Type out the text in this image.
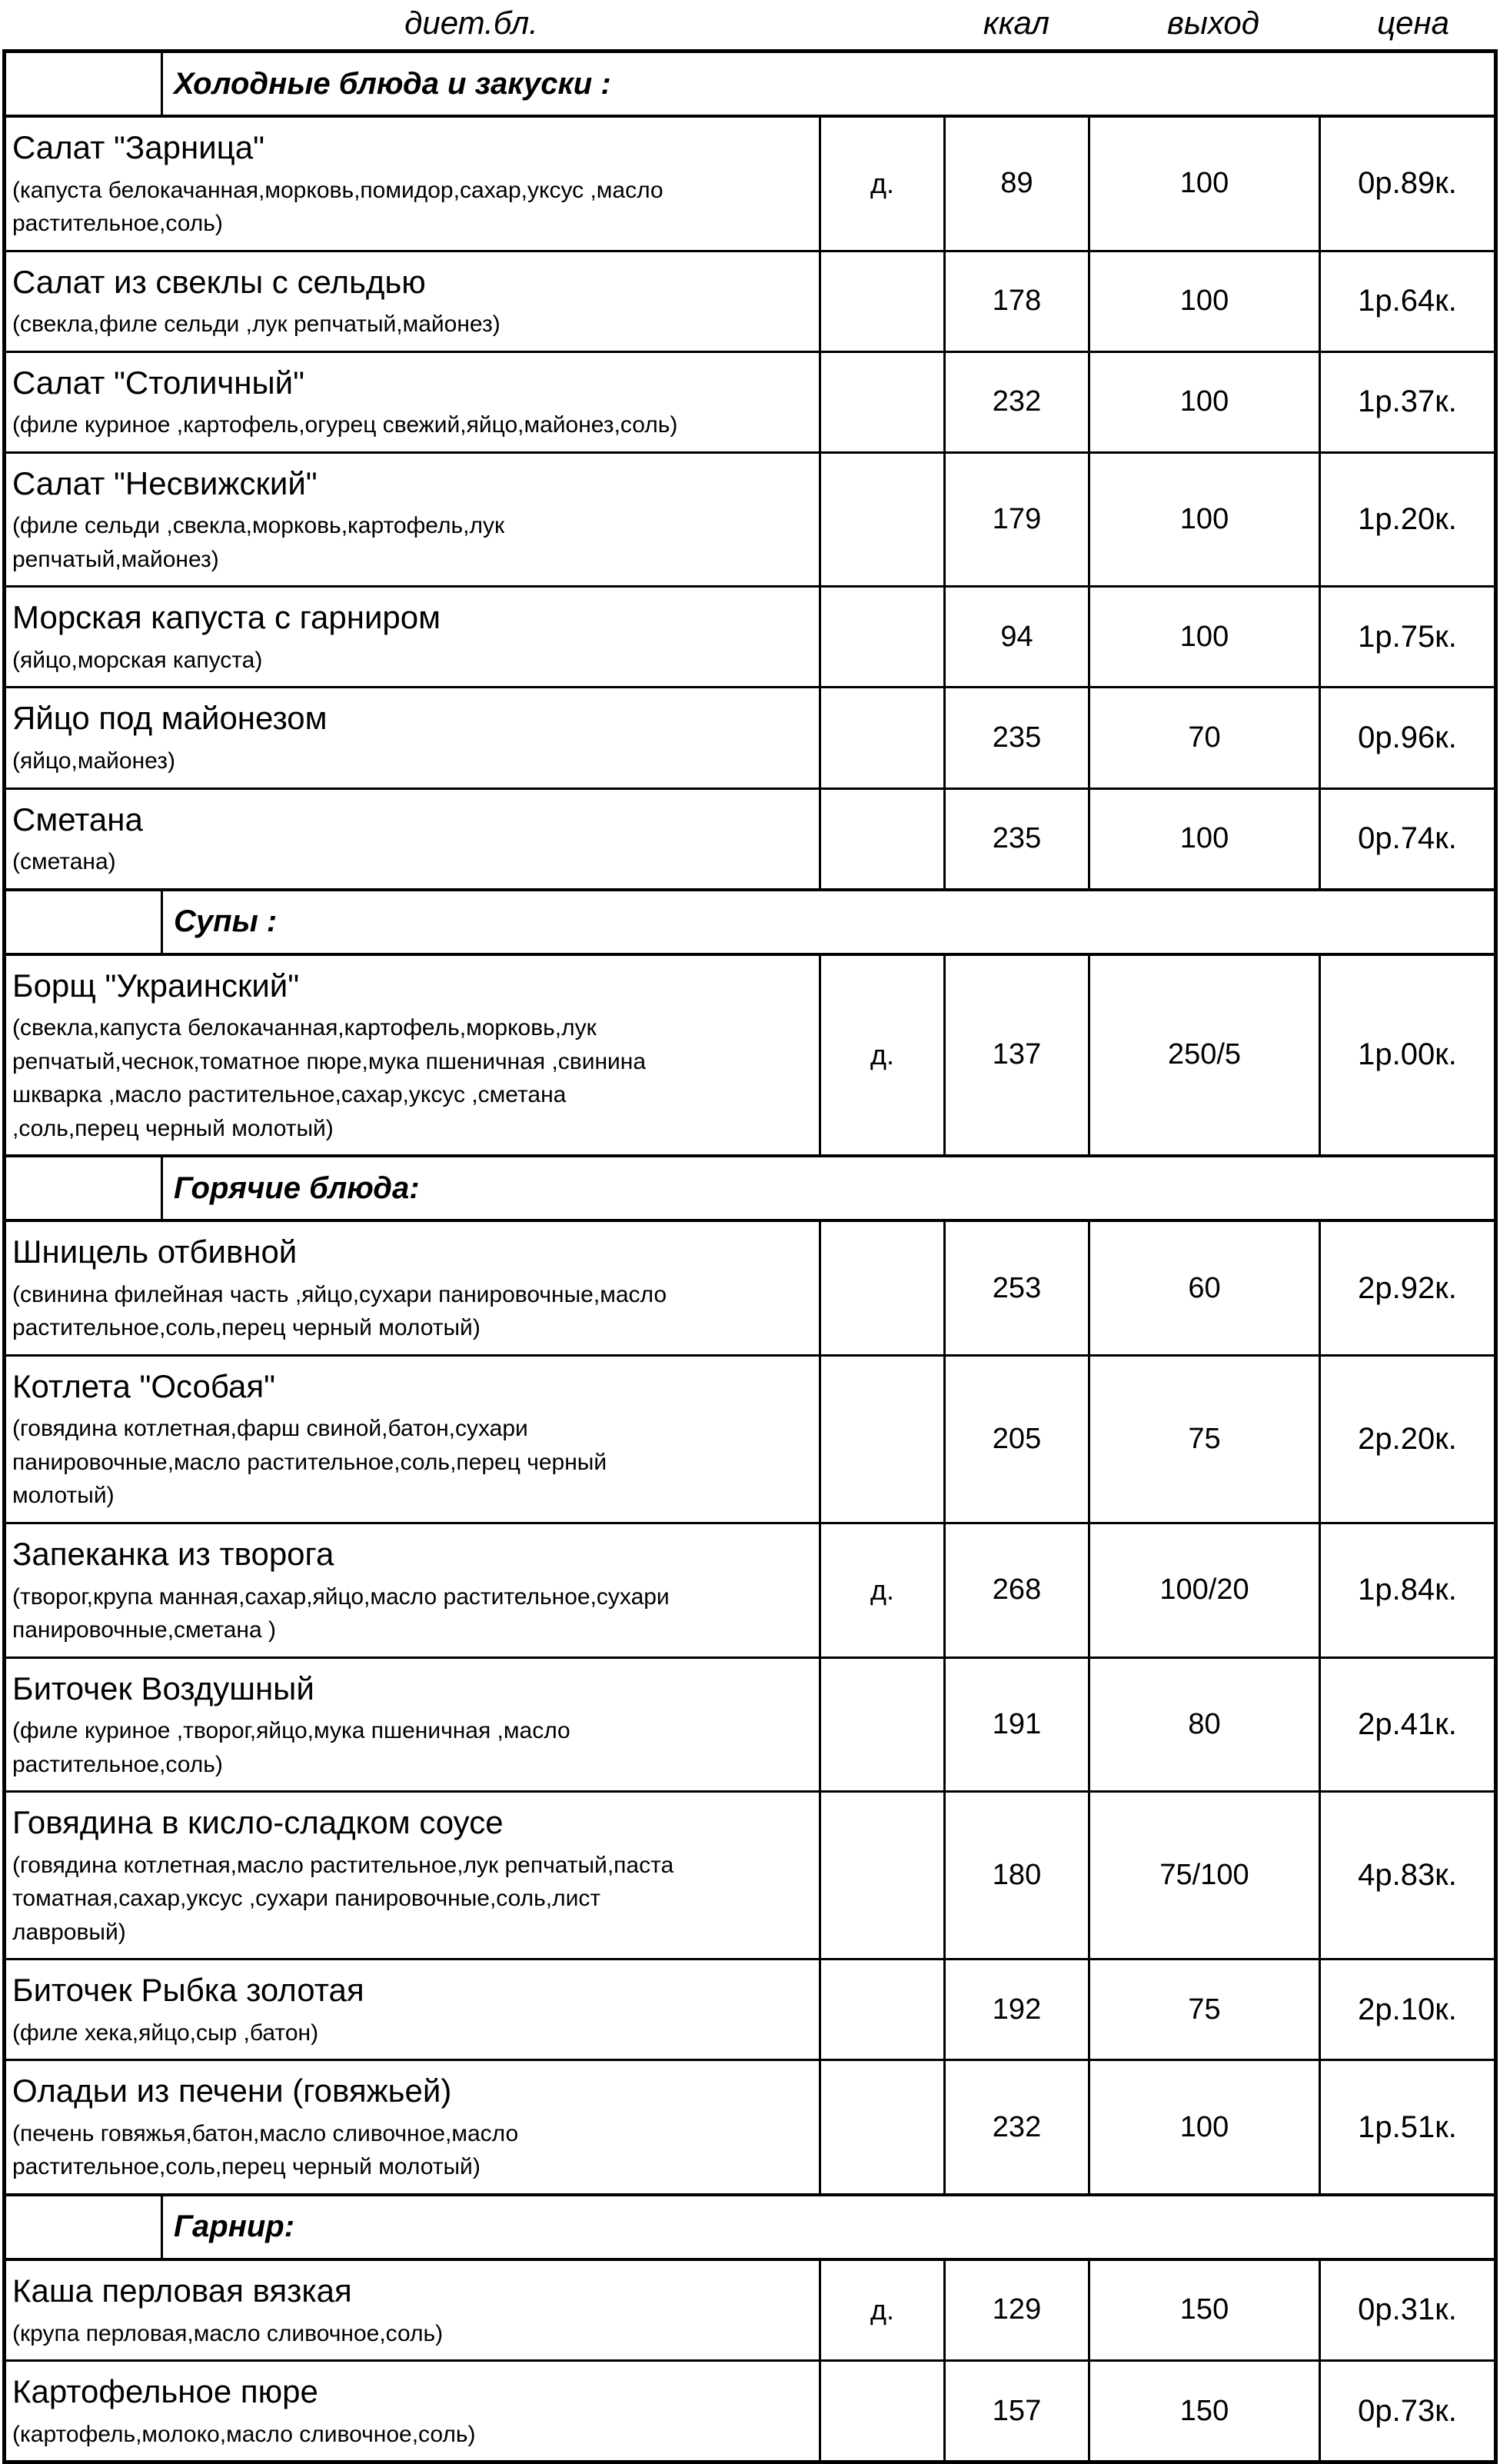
диет.бл.	ккал	выход	цена
	Холодные блюда и закуски :				

Салат "Зарница"
(капуста белокачанная,морковь,помидор,сахар,уксус ,масло растительное,соль)		д.	89	100	0р.89к.

Салат из свеклы с сельдью
(свекла,филе сельди ,лук репчатый,майонез)			178	100	1р.64к.

Салат "Столичный"
(филе куриное ,картофель,огурец свежий,яйцо,майонез,соль)			232	100	1р.37к.

Салат "Несвижский"
(филе сельди ,свекла,морковь,картофель,лук репчатый,майонез)			179	100	1р.20к.

Морская капуста с гарниром
(яйцо,морская капуста)			94	100	1р.75к.

Яйцо под майонезом
(яйцо,майонез)			235	70	0р.96к.

Сметана
(сметана)			235	100	0р.74к.
	Супы :				

Борщ "Украинский"
(свекла,капуста белокачанная,картофель,морковь,лук репчатый,чеснок,томатное пюре,мука пшеничная ,свинина шкварка ,масло растительное,сахар,уксус ,сметана ,соль,перец черный молотый)		д.	137	250/5	1р.00к.
	Горячие блюда:				

Шницель отбивной
(свинина филейная часть ,яйцо,сухари панировочные,масло растительное,соль,перец черный молотый)			253	60	2р.92к.

Котлета "Особая"
(говядина котлетная,фарш свиной,батон,сухари панировочные,масло растительное,соль,перец черный молотый)			205	75	2р.20к.

Запеканка из творога
(творог,крупа манная,сахар,яйцо,масло растительное,сухари панировочные,сметана )		д.	268	100/20	1р.84к.

Биточек Воздушный
(филе куриное ,творог,яйцо,мука пшеничная ,масло растительное,соль)			191	80	2р.41к.

Говядина в кисло-сладком соусе
(говядина котлетная,масло растительное,лук репчатый,паста томатная,сахар,уксус ,сухари панировочные,соль,лист лавровый)			180	75/100	4р.83к.

Биточек Рыбка золотая
(филе хека,яйцо,сыр ,батон)			192	75	2р.10к.

Оладьи из печени (говяжьей)
(печень говяжья,батон,масло сливочное,масло растительное,соль,перец черный молотый)			232	100	1р.51к.
	Гарнир:				

Каша перловая вязкая
(крупа перловая,масло сливочное,соль)		д.	129	150	0р.31к.

Картофельное пюре
(картофель,молоко,масло сливочное,соль)			157	150	0р.73к.
